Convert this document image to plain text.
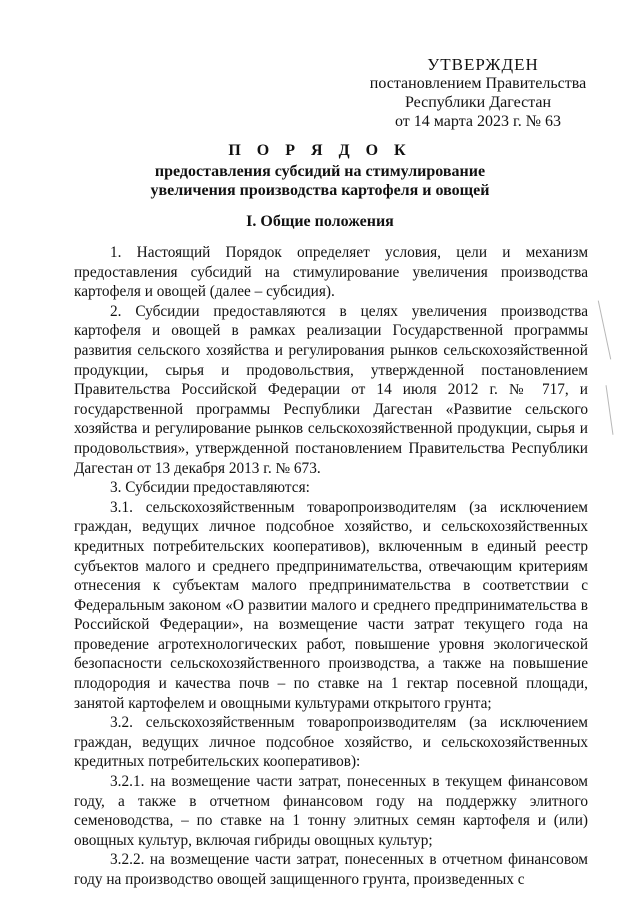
УТВЕРЖДЕН
постановлением Правительства
Республики Дагестан
от 14 марта 2023 г. № 63
П О Р Я Д О К
предоставления субсидий на стимулирование
увеличения производства картофеля и овощей
I. Общие положения

1. Настоящий Порядок определяет условия, цели и механизм предоставления субсидий на стимулирование увеличения производства картофеля и овощей (далее – субсидия).

2. Субсидии предоставляются в целях увеличения производства картофеля и овощей в рамках реализации Государственной программы развития сельского хозяйства и регулирования рынков сельскохозяйственной продукции, сырья и продовольствия, утвержденной постановлением Правительства Российской Федерации от 14 июля 2012 г. № 717, и государственной программы Республики Дагестан «Развитие сельского хозяйства и регулирование рынков сельскохозяйственной продукции, сырья и продовольствия», утвержденной постановлением Правительства Республики Дагестан от 13 декабря 2013 г. № 673.

3. Субсидии предоставляются:

3.1. сельскохозяйственным товаропроизводителям (за исключением граждан, ведущих личное подсобное хозяйство, и сельскохозяйственных кредитных потребительских кооперативов), включенным в единый реестр субъектов малого и среднего предпринимательства, отвечающим критериям отнесения к субъектам малого предпринимательства в соответствии с Федеральным законом «О развитии малого и среднего предпринимательства в Российской Федерации», на возмещение части затрат текущего года на проведение агротехнологических работ, повышение уровня экологической безопасности сельскохозяйственного производства, а также на повышение плодородия и качества почв – по ставке на 1 гектар посевной площади, занятой картофелем и овощными культурами открытого грунта;

3.2. сельскохозяйственным товаропроизводителям (за исключением граждан, ведущих личное подсобное хозяйство, и сельскохозяйственных кредитных потребительских кооперативов):

3.2.1. на возмещение части затрат, понесенных в текущем финансовом году, а также в отчетном финансовом году на поддержку элитного семеноводства, – по ставке на 1 тонну элитных семян картофеля и (или) овощных культур, включая гибриды овощных культур;

3.2.2. на возмещение части затрат, понесенных в отчетном финансовом году на производство овощей защищенного грунта, произведенных с
